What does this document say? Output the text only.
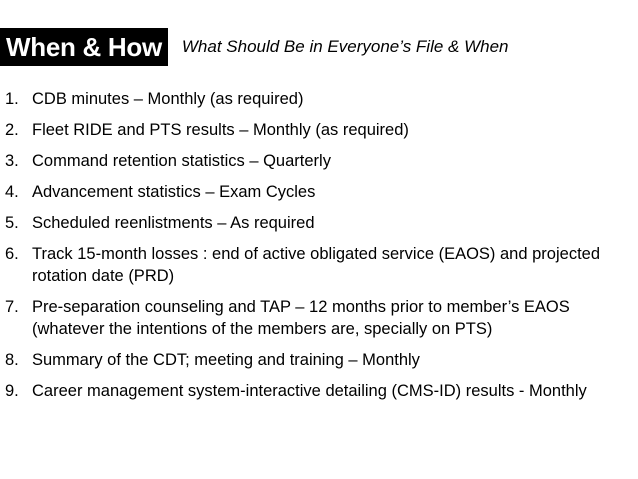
When & How	What Should Be in Everyone’s File & When
1. CDB minutes – Monthly (as required)
2. Fleet RIDE and PTS results – Monthly (as required)
3. Command retention statistics – Quarterly
4. Advancement statistics – Exam Cycles
5. Scheduled reenlistments – As required
6. Track 15-month losses : end of active obligated service (EAOS) and projected rotation date (PRD)
7. Pre-separation counseling and TAP – 12 months prior to member’s EAOS (whatever the intentions of the members are, specially on PTS)
8. Summary of the CDT; meeting and training – Monthly
9. Career management system-interactive detailing (CMS-ID) results - Monthly
